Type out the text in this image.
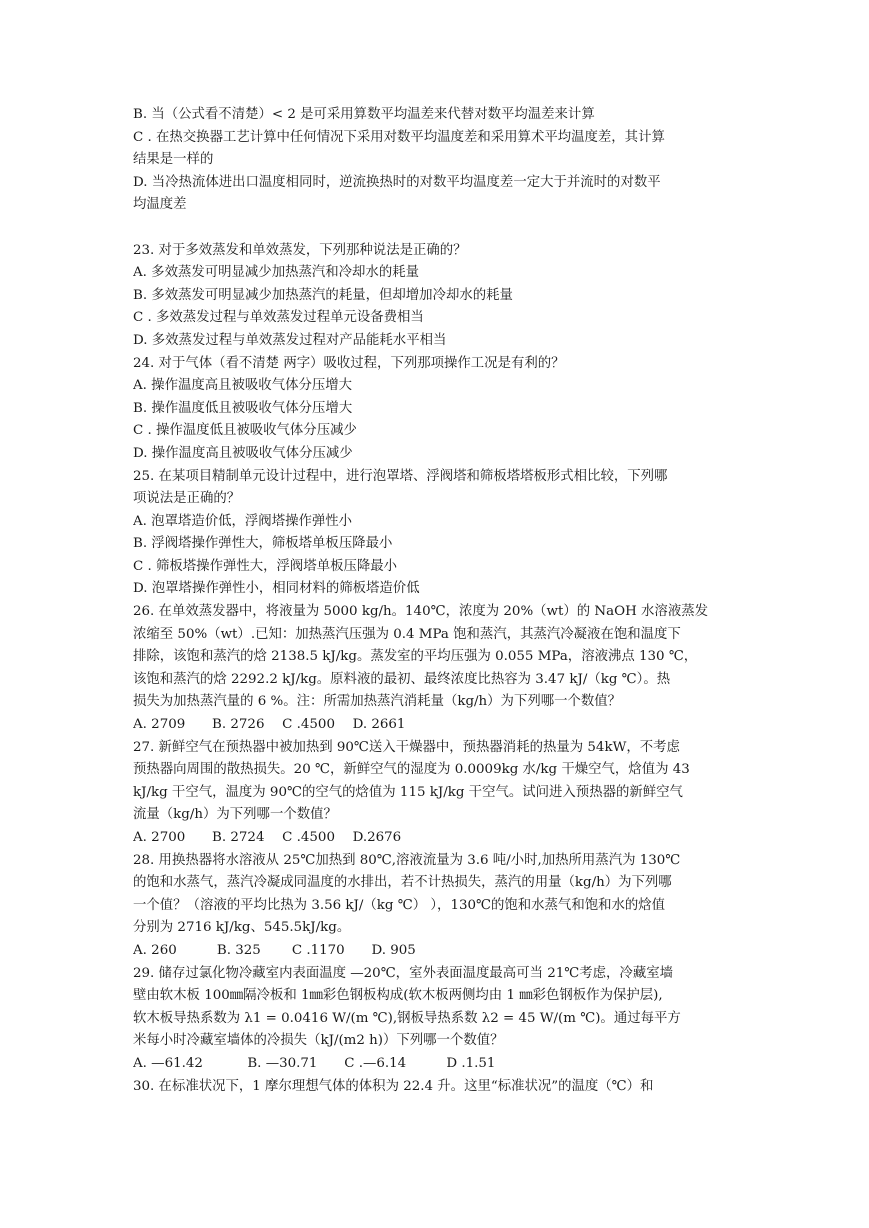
B. 当（公式看不清楚）< 2 是可采用算数平均温差来代替对数平均温差来计算
C . 在热交换器工艺计算中任何情况下采用对数平均温度差和采用算术平均温度差，其计算
结果是一样的
D. 当冷热流体进出口温度相同时，逆流换热时的对数平均温度差一定大于并流时的对数平
均温度差
23. 对于多效蒸发和单效蒸发，下列那种说法是正确的？
A. 多效蒸发可明显减少加热蒸汽和冷却水的耗量
B. 多效蒸发可明显减少加热蒸汽的耗量，但却增加冷却水的耗量
C . 多效蒸发过程与单效蒸发过程单元设备费相当
D. 多效蒸发过程与单效蒸发过程对产品能耗水平相当
24. 对于气体（看不清楚 两字）吸收过程，下列那项操作工况是有利的？
A. 操作温度高且被吸收气体分压增大
B. 操作温度低且被吸收气体分压增大
C . 操作温度低且被吸收气体分压减少
D. 操作温度高且被吸收气体分压减少
25. 在某项目精制单元设计过程中，进行泡罩塔、浮阀塔和筛板塔塔板形式相比较，下列哪
项说法是正确的？
A. 泡罩塔造价低，浮阀塔操作弹性小
B. 浮阀塔操作弹性大，筛板塔单板压降最小
C . 筛板塔操作弹性大，浮阀塔单板压降最小
D. 泡罩塔操作弹性小，相同材料的筛板塔造价低
26. 在单效蒸发器中，将液量为 5000 kg/h。140℃，浓度为 20%（wt）的 NaOH 水溶液蒸发
浓缩至 50%（wt）.已知：加热蒸汽压强为 0.4 MPa 饱和蒸汽，其蒸汽冷凝液在饱和温度下
排除，该饱和蒸汽的焓 2138.5 kJ/kg。蒸发室的平均压强为 0.055 MPa，溶液沸点 130 ℃，
该饱和蒸汽的焓 2292.2 kJ/kg。原料液的最初、最终浓度比热容为 3.47 kJ/（kg ℃）。热
损失为加热蒸汽量的 6 %。注：所需加热蒸汽消耗量（kg/h）为下列哪一个数值？
A. 2709　　B. 2726　 C .4500　 D. 2661
27. 新鲜空气在预热器中被加热到 90℃送入干燥器中，预热器消耗的热量为 54kW，不考虑
预热器向周围的散热损失。20 ℃，新鲜空气的湿度为 0.0009kg 水/kg 干燥空气，焓值为 43
kJ/kg 干空气，温度为 90℃的空气的焓值为 115 kJ/kg 干空气。试问进入预热器的新鲜空气
流量（kg/h）为下列哪一个数值？
A. 2700　　B. 2724　 C .4500　 D.2676
28. 用换热器将水溶液从 25℃加热到 80℃,溶液流量为 3.6 吨/小时,加热所用蒸汽为 130℃
的饱和水蒸气，蒸汽冷凝成同温度的水排出，若不计热损失，蒸汽的用量（kg/h）为下列哪
一个值？（溶液的平均比热为 3.56 kJ/（kg ℃） ），130℃的饱和水蒸气和饱和水的焓值
分别为 2716 kJ/kg、545.5kJ/kg。
A. 260　　　B. 325　　 C .1170　　D. 905
29. 储存过氯化物冷藏室内表面温度 —20℃，室外表面温度最高可当 21℃考虑，冷藏室墙
壁由软木板 100㎜隔冷板和 1㎜彩色钢板构成(软木板两侧均由 1 ㎜彩色钢板作为保护层),
软木板导热系数为 λ1 = 0.0416 W/(m ℃),钢板导热系数 λ2 = 45 W/(m ℃)。通过每平方
米每小时冷藏室墙体的冷损失（kJ/(m2 h)）下列哪一个数值？
A. —61.42　　　 B. —30.71　　C .—6.14　　　D .1.51
30. 在标准状况下，1 摩尔理想气体的体积为 22.4 升。这里“标准状况”的温度（℃）和
